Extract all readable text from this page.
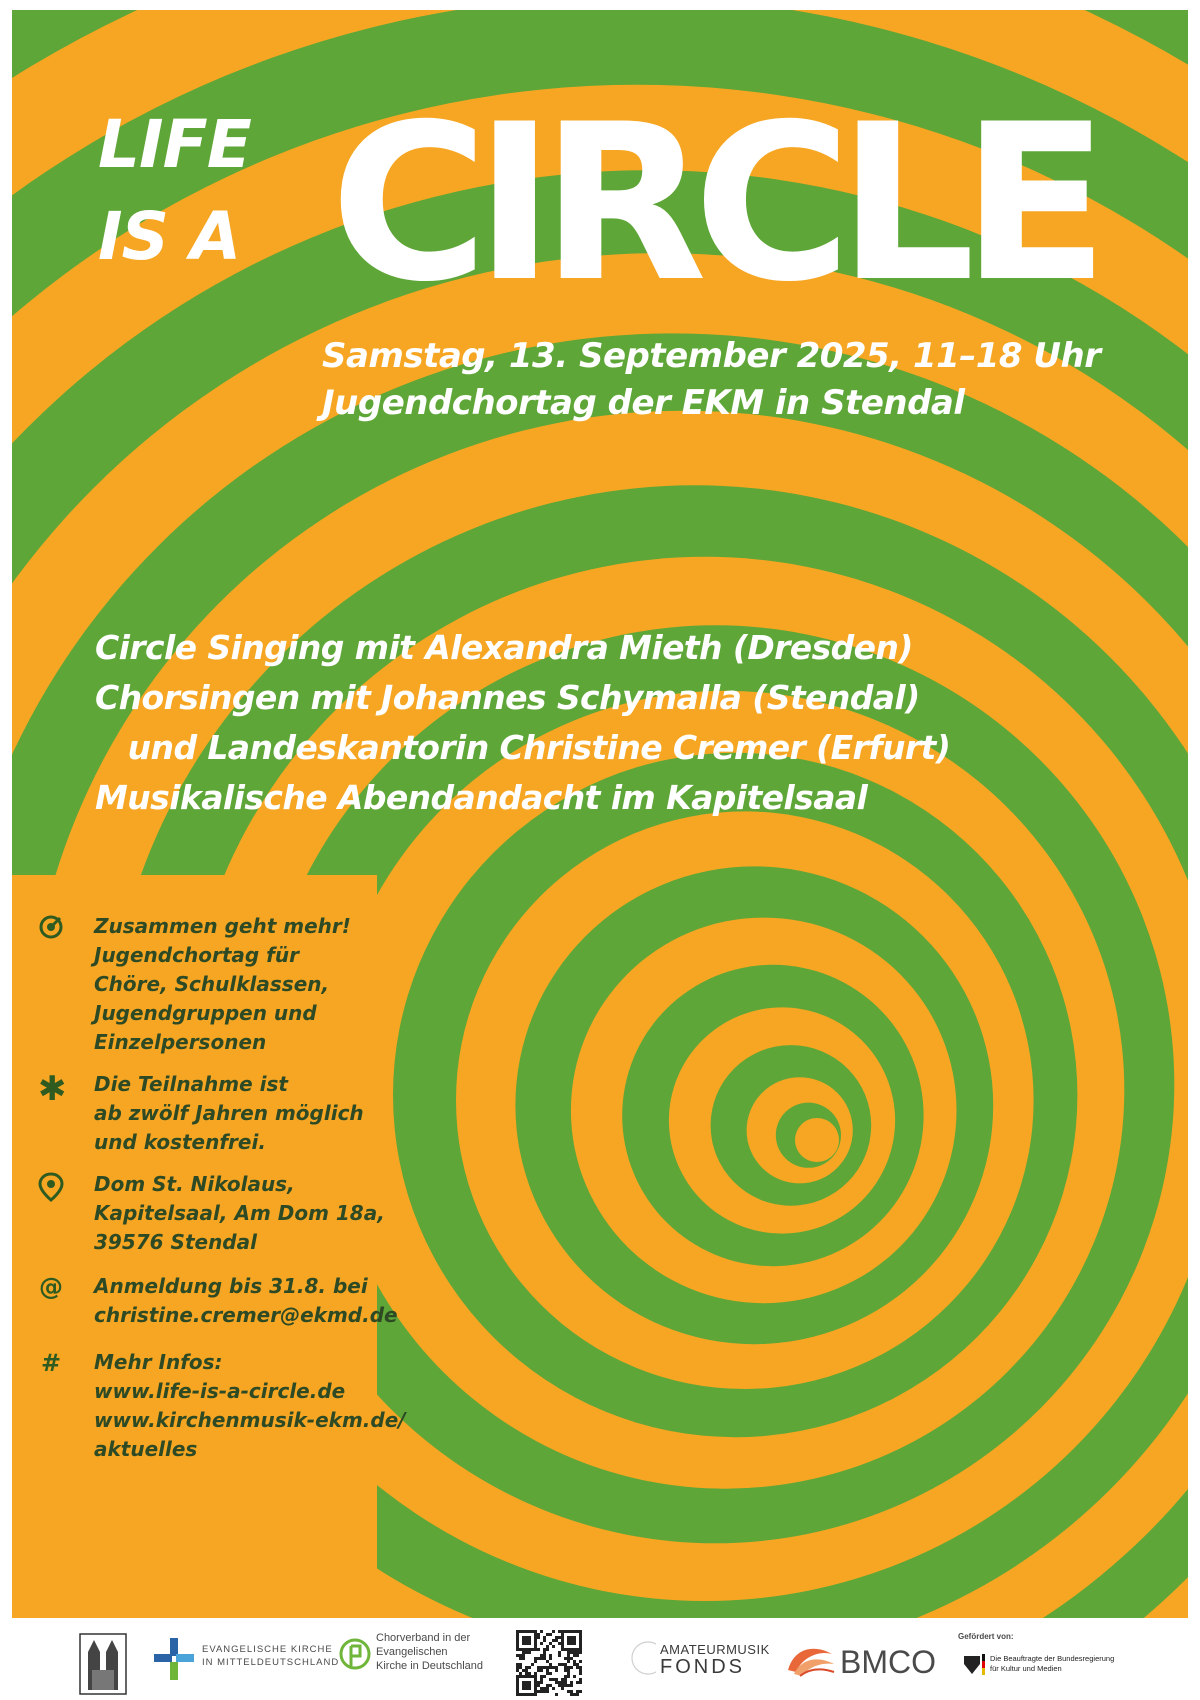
LIFE
IS A CIRCLE
Samstag, 13. September 2025, 11–18 Uhr
Jugendchortag der EKM in Stendal
Circle Singing mit Alexandra Mieth (Dresden)
Chorsingen mit Johannes Schymalla (Stendal)
und Landeskantorin Christine Cremer (Erfurt)
Musikalische Abendandacht im Kapitelsaal
Zusammen geht mehr!
Jugendchortag für
Chöre, Schulklassen,
Jugendgruppen und
Einzelpersonen
✱ Die Teilnahme ist
ab zwölf Jahren möglich
und kostenfrei.
Dom St. Nikolaus,
Kapitelsaal, Am Dom 18a,
39576 Stendal
@ Anmeldung bis 31.8. bei
christine.cremer@ekmd.de
# Mehr Infos:
www.life-is-a-circle.de
www.kirchenmusik-ekm.de/
aktuelles
EVANGELISCHE KIRCHE
IN MITTELDEUTSCHLAND
Chorverband in der
Evangelischen
Kirche in Deutschland
AMATEURMUSIK
FONDS	BMCO
Gefördert von:
Die Beauftragte der Bundesregierung
für Kultur und Medien
